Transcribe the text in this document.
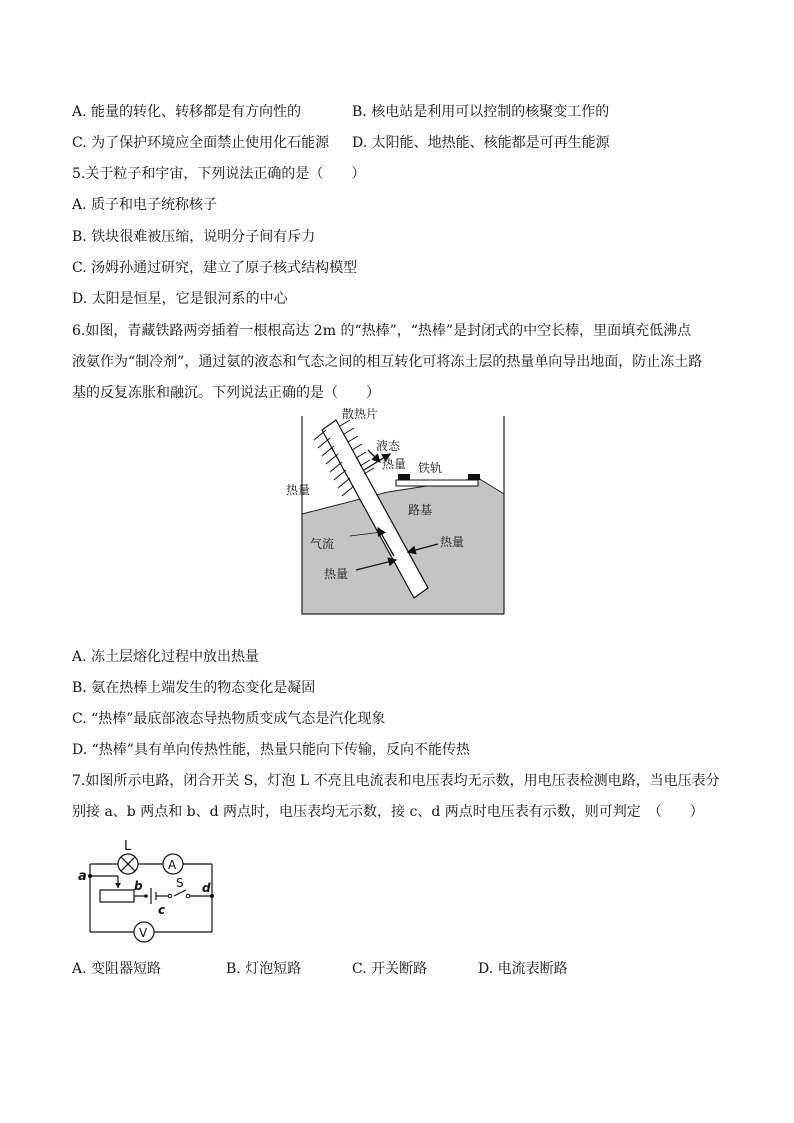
A. 能量的转化、转移都是有方向性的	B. 核电站是利用可以控制的核聚变工作的
C. 为了保护环境应全面禁止使用化石能源 D. 太阳能、地热能、核能都是可再生能源
5.关于粒子和宇宙，下列说法正确的是（　　）
A. 质子和电子统称核子
B. 铁块很难被压缩，说明分子间有斥力
C. 汤姆孙通过研究，建立了原子核式结构模型
D. 太阳是恒星，它是银河系的中心
6.如图，青藏铁路两旁插着一根根高达 2m 的“热棒”，“热棒”是封闭式的中空长棒，里面填充低沸点
液氨作为“制冷剂”，通过氨的液态和气态之间的相互转化可将冻土层的热量单向导出地面，防止冻土路
基的反复冻胀和融沉。下列说法正确的是（　　）
散热片
液态
热量 铁轨
热量
路基
气流	热量
热量
A. 冻土层熔化过程中放出热量
B. 氨在热棒上端发生的物态变化是凝固
C. “热棒”最底部液态导热物质变成气态是汽化现象
D. “热棒”具有单向传热性能，热量只能向下传输，反向不能传热
7.如图所示电路，闭合开关 S，灯泡 L 不亮且电流表和电压表均无示数，用电压表检测电路，当电压表分
别接 a、b 两点和 b、d 两点时，电压表均无示数，接 c、d 两点时电压表有示数，则可判定　（　　）
L
A
V
S
a
b
c
d
A. 变阻器短路	B. 灯泡短路	C. 开关断路	D. 电流表断路
